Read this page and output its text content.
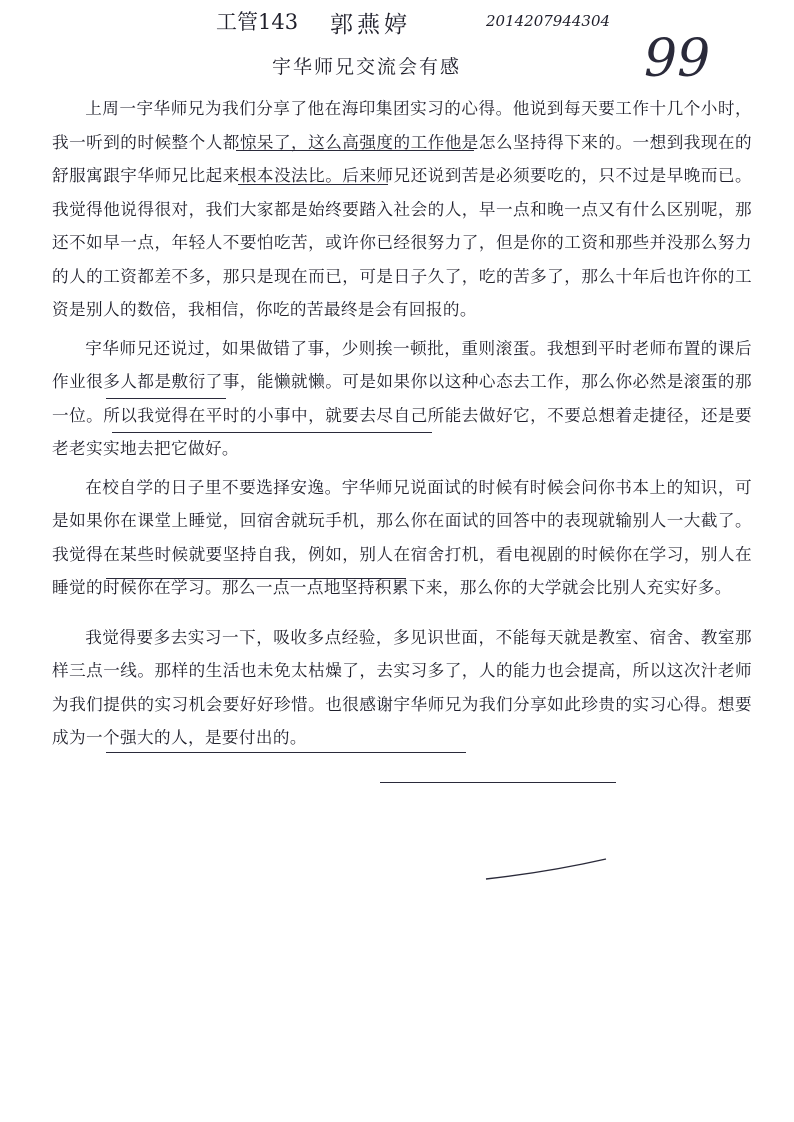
工管143 郭燕婷	2014207944304
99
宇华师兄交流会有感

上周一宇华师兄为我们分享了他在海印集团实习的心得。他说到每天要工作十几个小时，我一听到的时候整个人都惊呆了，这么高强度的工作他是怎么坚持得下来的。一想到我现在的舒服寓跟宇华师兄比起来根本没法比。后来师兄还说到苦是必须要吃的，只不过是早晚而已。我觉得他说得很对，我们大家都是始终要踏入社会的人，早一点和晚一点又有什么区别呢，那还不如早一点，年轻人不要怕吃苦，或许你已经很努力了，但是你的工资和那些并没那么努力的人的工资都差不多，那只是现在而已，可是日子久了，吃的苦多了，那么十年后也许你的工资是别人的数倍，我相信，你吃的苦最终是会有回报的。

宇华师兄还说过，如果做错了事，少则挨一顿批，重则滚蛋。我想到平时老师布置的课后作业很多人都是敷衍了事，能懒就懒。可是如果你以这种心态去工作，那么你必然是滚蛋的那一位。所以我觉得在平时的小事中，就要去尽自己所能去做好它，不要总想着走捷径，还是要老老实实地去把它做好。

在校自学的日子里不要选择安逸。宇华师兄说面试的时候有时候会问你书本上的知识，可是如果你在课堂上睡觉，回宿舍就玩手机，那么你在面试的回答中的表现就输别人一大截了。我觉得在某些时候就要坚持自我，例如，别人在宿舍打机，看电视剧的时候你在学习，别人在睡觉的时候你在学习。那么一点一点地坚持积累下来，那么你的大学就会比别人充实好多。

我觉得要多去实习一下，吸收多点经验，多见识世面，不能每天就是教室、宿舍、教室那样三点一线。那样的生活也未免太枯燥了，去实习多了，人的能力也会提高，所以这次汁老师为我们提供的实习机会要好好珍惜。也很感谢宇华师兄为我们分享如此珍贵的实习心得。想要成为一个强大的人，是要付出的。
